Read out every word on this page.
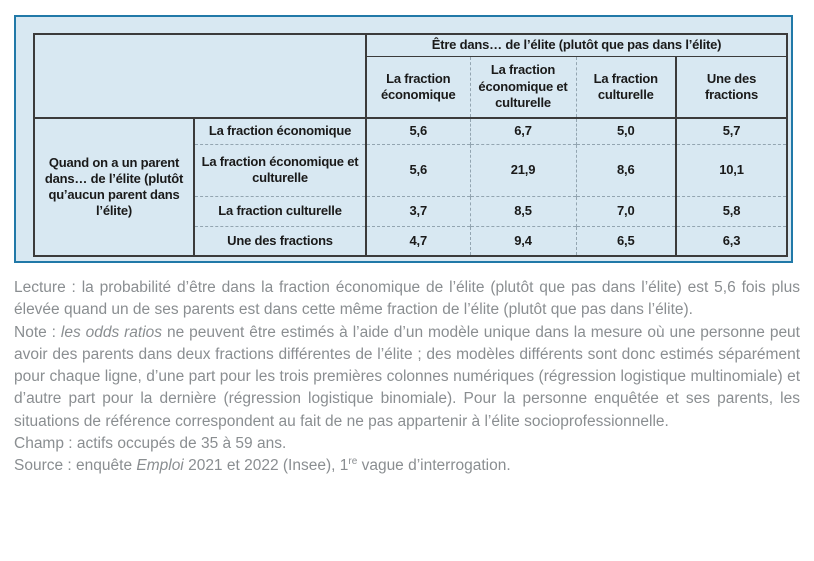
		Être dans… de l’élite (plutôt que pas dans l’élite)			
		La fraction économique	La fraction économique et culturelle	La fraction culturelle	Une des fractions
Quand on a un parent dans… de l’élite (plutôt qu’aucun parent dans l’élite)	La fraction économique	5,6	6,7	5,0	5,7
	La fraction économique et culturelle	5,6	21,9	8,6	10,1
	La fraction culturelle	3,7	8,5	7,0	5,8
	Une des fractions	4,7	9,4	6,5	6,3

Lecture : la probabilité d’être dans la fraction économique de l’élite (plutôt que pas dans l’élite) est 5,6 fois plus élevée quand un de ses parents est dans cette même fraction de l’élite (plutôt que pas dans l’élite).

Note : les odds ratios ne peuvent être estimés à l’aide d’un modèle unique dans la mesure où une personne peut avoir des parents dans deux fractions différentes de l’élite ; des modèles différents sont donc estimés séparément pour chaque ligne, d’une part pour les trois premières colonnes numériques (régression logistique multinomiale) et d’autre part pour la dernière (régression logistique binomiale). Pour la personne enquêtée et ses parents, les situations de référence correspondent au fait de ne pas appartenir à l’élite socioprofessionnelle.

Champ : actifs occupés de 35 à 59 ans.

Source : enquête Emploi 2021 et 2022 (Insee), 1re vague d’interrogation.
